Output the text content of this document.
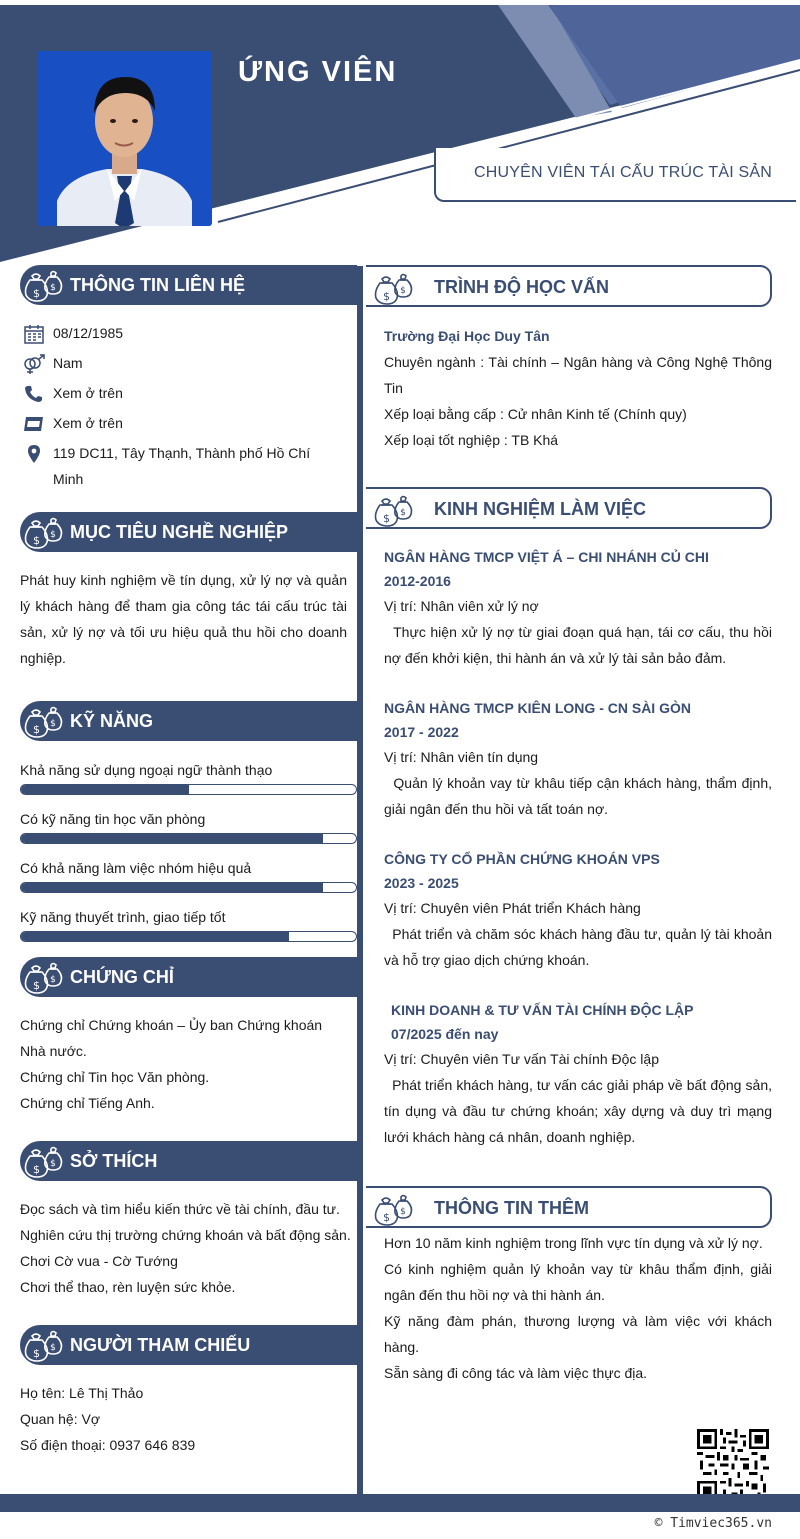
ỨNG VIÊN
CHUYÊN VIÊN TÁI CẤU TRÚC TÀI SẢN
$ $ THÔNG TIN LIÊN HỆ
08/12/1985
Nam
Xem ở trên
Xem ở trên
119 DC11, Tây Thạnh, Thành phố Hồ Chí Minh
$ $ MỤC TIÊU NGHỀ NGHIỆP
Phát huy kinh nghiệm về tín dụng, xử lý nợ và quản lý khách hàng để tham gia công tác tái cấu trúc tài sản, xử lý nợ và tối ưu hiệu quả thu hồi cho doanh nghiệp.
$ $ KỸ NĂNG
Khả năng sử dụng ngoại ngữ thành thạo
Có kỹ năng tin học văn phòng
Có khả năng làm việc nhóm hiệu quả
Kỹ năng thuyết trình, giao tiếp tốt
$ $ CHỨNG CHỈ
Chứng chỉ Chứng khoán – Ủy ban Chứng khoán Nhà nước.
Chứng chỉ Tin học Văn phòng.
Chứng chỉ Tiếng Anh.
$ $ SỞ THÍCH
Đọc sách và tìm hiểu kiến thức về tài chính, đầu tư.
Nghiên cứu thị trường chứng khoán và bất động sản.
Chơi Cờ vua - Cờ Tướng
Chơi thể thao, rèn luyện sức khỏe.
$ $ NGƯỜI THAM CHIẾU
Họ tên: Lê Thị Thảo
Quan hệ: Vợ
Số điện thoại: 0937 646 839
$ $ TRÌNH ĐỘ HỌC VẤN
Trường Đại Học Duy Tân
Chuyên ngành : Tài chính – Ngân hàng và Công Nghệ Thông Tin
Xếp loại bằng cấp : Cử nhân Kinh tế (Chính quy)
Xếp loại tốt nghiệp : TB Khá
$ $ KINH NGHIỆM LÀM VIỆC
NGÂN HÀNG TMCP VIỆT Á – CHI NHÁNH CỦ CHI
2012-2016
Vị trí: Nhân viên xử lý nợ
Thực hiện xử lý nợ từ giai đoạn quá hạn, tái cơ cấu, thu hồi nợ đến khởi kiện, thi hành án và xử lý tài sản bảo đảm.
NGÂN HÀNG TMCP KIÊN LONG - CN SÀI GÒN
2017 - 2022
Vị trí: Nhân viên tín dụng
Quản lý khoản vay từ khâu tiếp cận khách hàng, thẩm định, giải ngân đến thu hồi và tất toán nợ.
CÔNG TY CỔ PHẦN CHỨNG KHOÁN VPS
2023 - 2025
Vị trí: Chuyên viên Phát triển Khách hàng
Phát triển và chăm sóc khách hàng đầu tư, quản lý tài khoản và hỗ trợ giao dịch chứng khoán.
KINH DOANH & TƯ VẤN TÀI CHÍNH ĐỘC LẬP
07/2025 đến nay
Vị trí: Chuyên viên Tư vấn Tài chính Độc lập
Phát triển khách hàng, tư vấn các giải pháp về bất động sản, tín dụng và đầu tư chứng khoán; xây dựng và duy trì mạng lưới khách hàng cá nhân, doanh nghiệp.
$ $ THÔNG TIN THÊM
Hơn 10 năm kinh nghiệm trong lĩnh vực tín dụng và xử lý nợ.
Có kinh nghiệm quản lý khoản vay từ khâu thẩm định, giải ngân đến thu hồi nợ và thi hành án.
Kỹ năng đàm phán, thương lượng và làm việc với khách hàng.
Sẵn sàng đi công tác và làm việc thực địa.
© Timviec365.vn
